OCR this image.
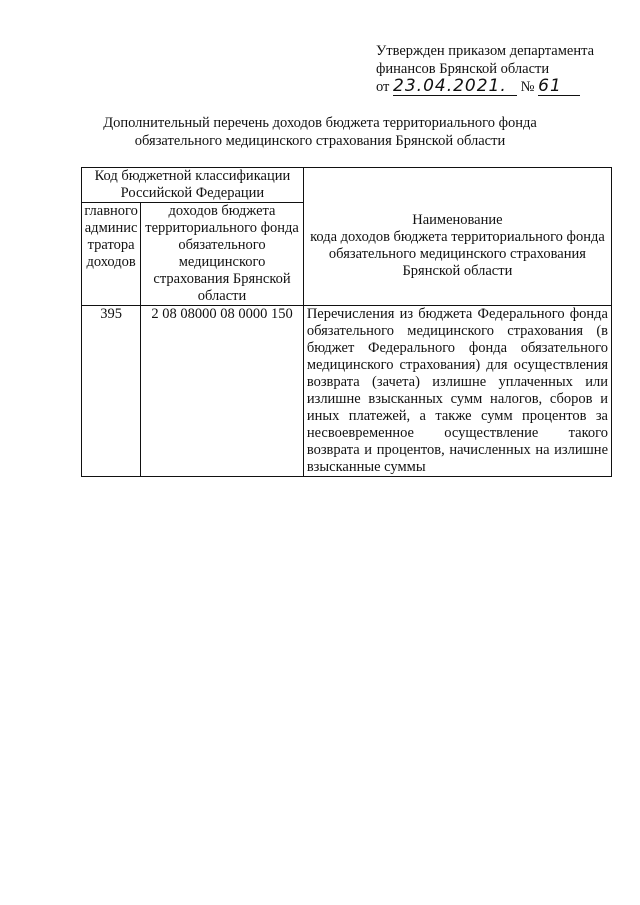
Утвержден приказом департамента
финансов Брянской области
от 23.04.2021. № 61
Дополнительный перечень доходов бюджета территориального фонда
обязательного медицинского страхования Брянской области
Код бюджетной классификации Российской Федерации		Наименование
кода доходов бюджета территориального фонда обязательного медицинского страхования Брянской области

главного админис тратора доходов	доходов бюджета территориального фонда обязательного медицинского страхования Брянской области	
395	2 08 08000 08 0000 150	Перечисления из бюджета Федерального фонда обязательного медицинского страхования (в бюджет Федерального фонда обязательного медицинского страхования) для осуществления возврата (зачета) излишне уплаченных или излишне взысканных сумм налогов, сборов и иных платежей, а также сумм процентов за несвоевременное осуществление такого возврата и процентов, начисленных на излишне взысканные суммы
